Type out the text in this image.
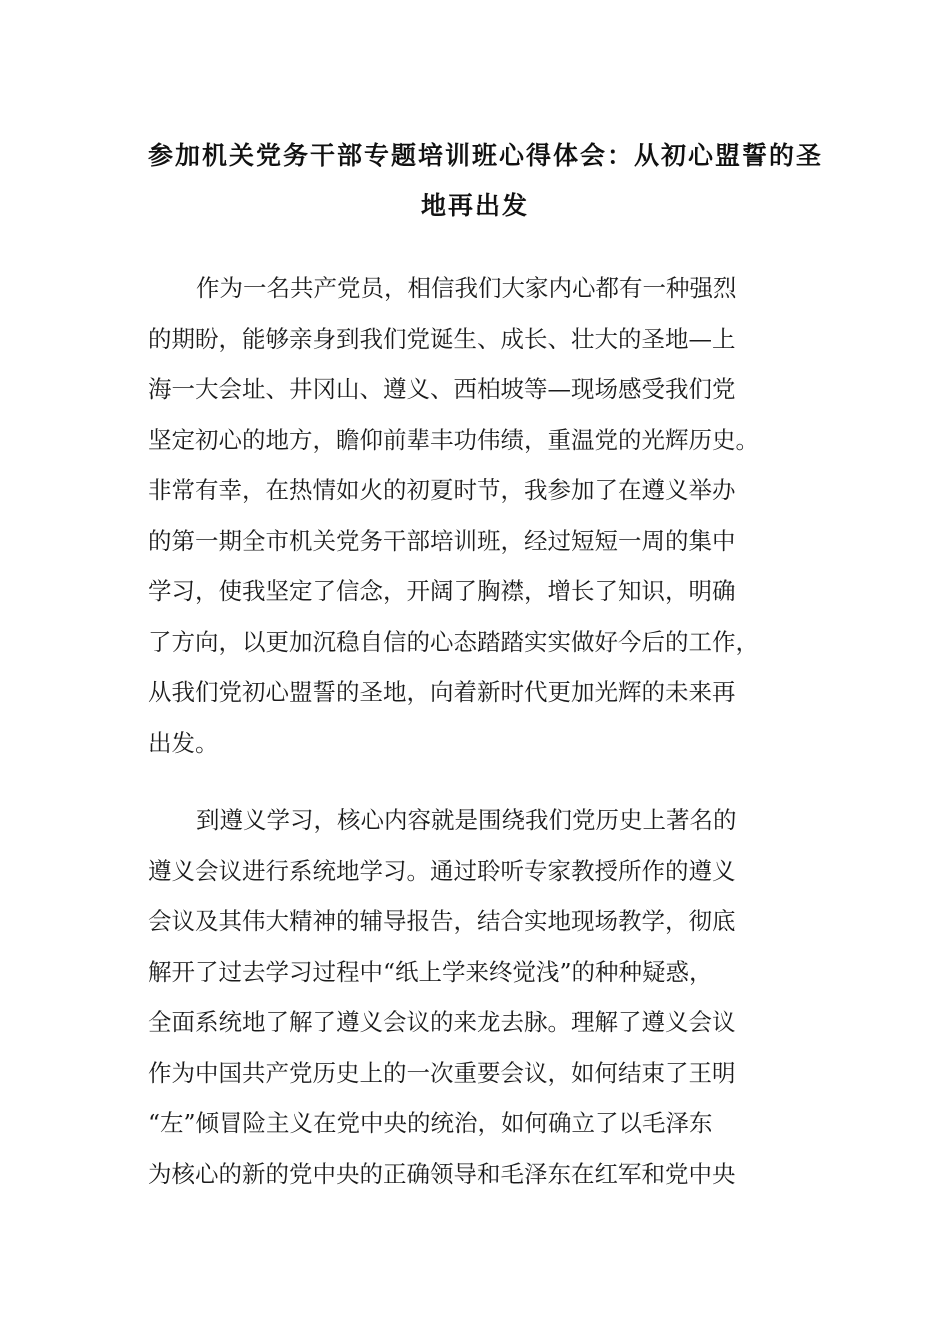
参加机关党务干部专题培训班心得体会：从初心盟誓的圣
地再出发
作为一名共产党员，相信我们大家内心都有一种强烈
的期盼，能够亲身到我们党诞生、成长、壮大的圣地—上
海一大会址、井冈山、遵义、西柏坡等—现场感受我们党
坚定初心的地方，瞻仰前辈丰功伟绩，重温党的光辉历史。
非常有幸，在热情如火的初夏时节，我参加了在遵义举办
的第一期全市机关党务干部培训班，经过短短一周的集中
学习，使我坚定了信念，开阔了胸襟，增长了知识，明确
了方向，以更加沉稳自信的心态踏踏实实做好今后的工作，
从我们党初心盟誓的圣地，向着新时代更加光辉的未来再
出发。
到遵义学习，核心内容就是围绕我们党历史上著名的
遵义会议进行系统地学习。通过聆听专家教授所作的遵义
会议及其伟大精神的辅导报告，结合实地现场教学，彻底
解开了过去学习过程中“纸上学来终觉浅”的种种疑惑，
全面系统地了解了遵义会议的来龙去脉。理解了遵义会议
作为中国共产党历史上的一次重要会议，如何结束了王明
“左”倾冒险主义在党中央的统治，如何确立了以毛泽东
为核心的新的党中央的正确领导和毛泽东在红军和党中央
